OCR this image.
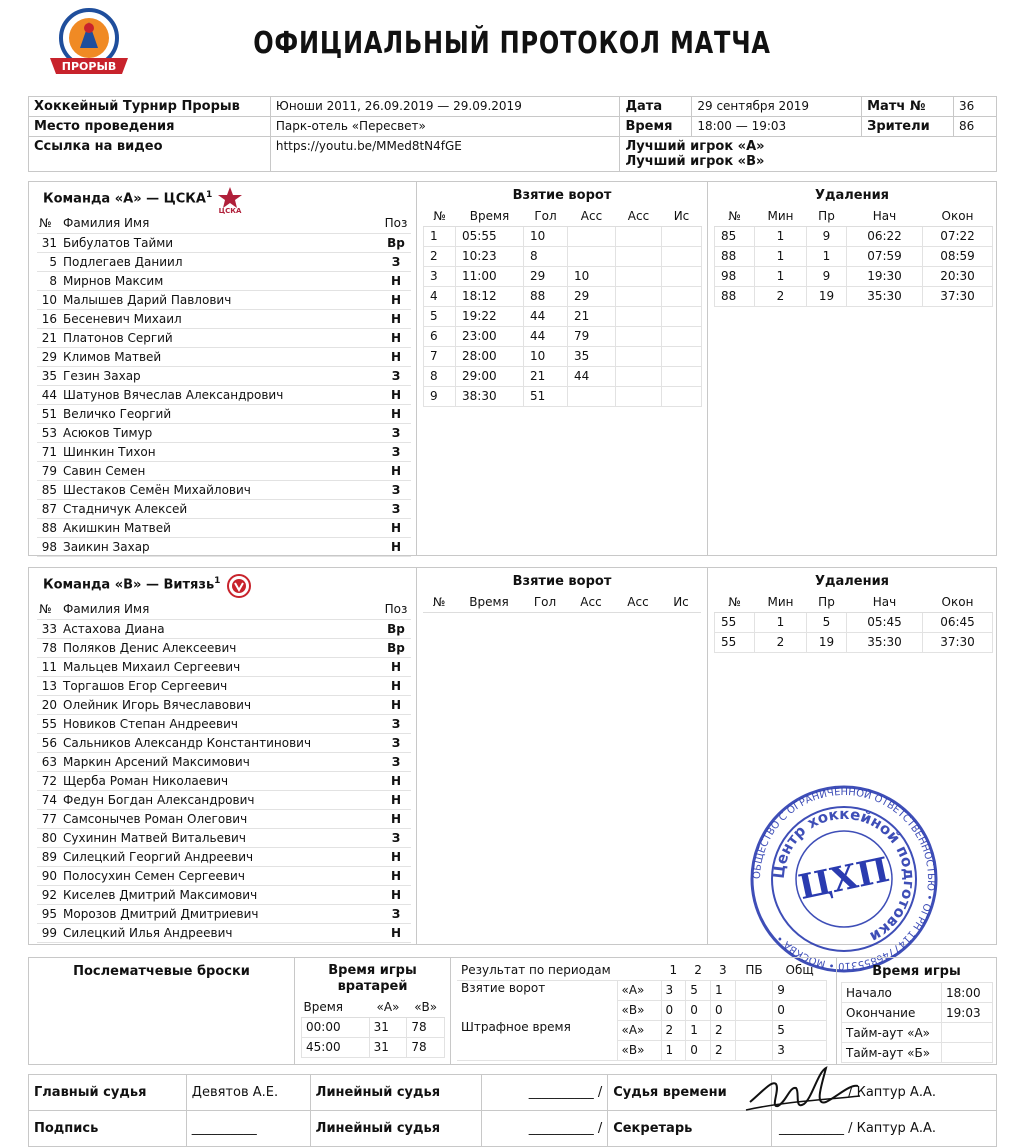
ПРОРЫВ
ОФИЦИАЛЬНЫЙ ПРОТОКОЛ МАТЧА
Хоккейный Турнир Прорыв	Юноши 2011, 26.09.2019 — 29.09.2019	Дата	29 сентября 2019	Матч №	36
Место проведения	Парк-отель «Пересвет»	Время	18:00 — 19:03	Зрители	86
Ссылка на видео	https://youtu.be/MMed8tN4fGE	Лучший игрок «А»
Лучший игрок «В»			
Команда «А» — ЦСКА$^1$
ЦСКА
№	Фамилия Имя	Поз
31	Бибулатов Тайми	Вр
5	Подлегаев Даниил	З
8	Мирнов Максим	Н
10	Малышев Дарий Павлович	Н
16	Бесеневич Михаил	Н
21	Платонов Сергий	Н
29	Климов Матвей	Н
35	Гезин Захар	З
44	Шатунов Вячеслав Александрович	Н
51	Величко Георгий	Н
53	Асюков Тимур	З
71	Шинкин Тихон	З
79	Савин Семен	Н
85	Шестаков Семён Михайлович	З
87	Стадничук Алексей	З
88	Акишкин Матвей	Н
98	Заикин Захар	Н
Взятие ворот
№	Время	Гол	Асс	Асс	Ис
1	05:55	10			
2	10:23	8			
3	11:00	29	10		
4	18:12	88	29		
5	19:22	44	21		
6	23:00	44	79		
7	28:00	10	35		
8	29:00	21	44		
9	38:30	51			
Удаления
№	Мин	Пр	Нач	Окон
85	1	9	06:22	07:22
88	1	1	07:59	08:59
98	1	9	19:30	20:30
88	2	19	35:30	37:30
Команда «В» — Витязь$^1$
№	Фамилия Имя	Поз
33	Астахова Диана	Вр
78	Поляков Денис Алексеевич	Вр
11	Мальцев Михаил Сергеевич	Н
13	Торгашов Егор Сергеевич	Н
20	Олейник Игорь Вячеславович	Н
55	Новиков Степан Андреевич	З
56	Сальников Александр Константинович	З
63	Маркин Арсений Максимович	З
72	Щерба Роман Николаевич	Н
74	Федун Богдан Александрович	Н
77	Самсонычев Роман Олегович	Н
80	Сухинин Матвей Витальевич	З
89	Силецкий Георгий Андреевич	Н
90	Полосухин Семен Сергеевич	Н
92	Киселев Дмитрий Максимович	Н
95	Морозов Дмитрий Дмитриевич	З
99	Силецкий Илья Андреевич	Н
Взятие ворот
№	Время	Гол	Асс	Асс	Ис
Удаления
№	Мин	Пр	Нач	Окон
55	1	5	05:45	06:45
55	2	19	35:30	37:30
ОБЩЕСТВО С ОГРАНИЧЕННОЙ ОТВЕТСТВЕННОСТЬЮ • ОГРН 1147746855310 • МОСКВА •
Центр хоккейной подготовки
ЦХП
Послематчевые броски	Время игры вратарей
Время	«А»	«В»
00:00	31	78
45:00	31	78
Результат по периодам		1	2	3	ПБ	Общ
Взятие ворот	«А»	3	5	1		9
	«В»	0	0	0		0
Штрафное время	«А»	2	1	2		5
	«В»	1	0	2		3
Время игры
Начало	18:00
Окончание	19:03
Тайм-аут «А»	
Тайм-аут «Б»	
Главный судья	Девятов А.Е.	Линейный судья	__________ /	Судья времени	/ Каптур А.А.
Подпись	__________	Линейный судья	__________ /	Секретарь	__________ / Каптур А.А.
